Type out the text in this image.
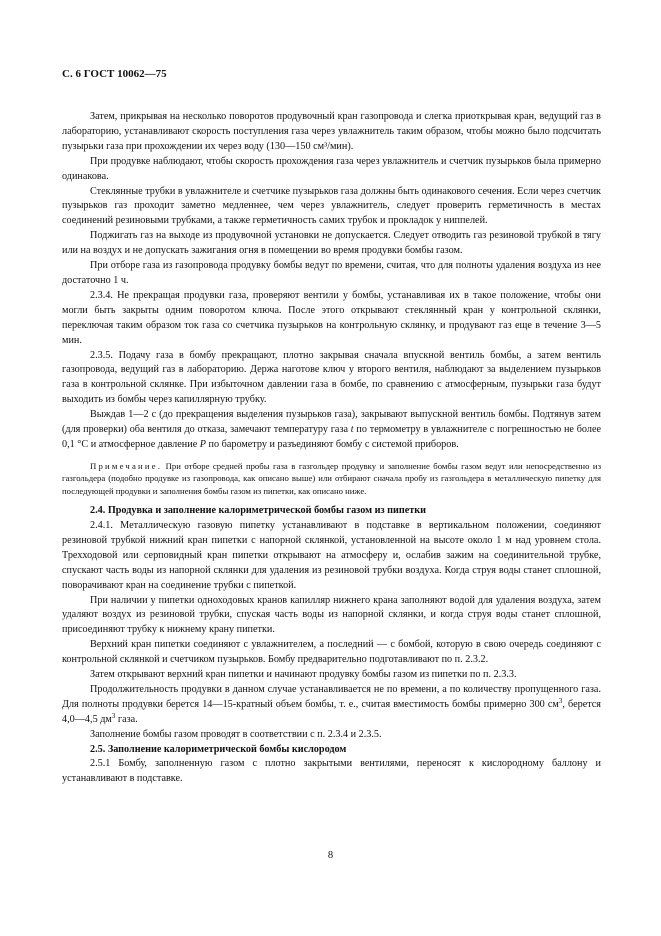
С. 6 ГОСТ 10062—75

Затем, прикрывая на несколько поворотов продувочный кран газопровода и слегка приоткрывая кран, ведущий газ в лабораторию, устанавливают скорость поступления газа через увлажнитель таким образом, чтобы можно было подсчитать пузырьки газа при прохождении их через воду (130—150 см³/мин).

При продувке наблюдают, чтобы скорость прохождения газа через увлажнитель и счетчик пузырьков была примерно одинакова.

Стеклянные трубки в увлажнителе и счетчике пузырьков газа должны быть одинакового сечения. Если через счетчик пузырьков газ проходит заметно медленнее, чем через увлажнитель, следует проверить герметичность в местах соединений резиновыми трубками, а также герметичность самих трубок и прокладок у ниппелей.

Поджигать газ на выходе из продувочной установки не допускается. Следует отводить газ резиновой трубкой в тягу или на воздух и не допускать зажигания огня в помещении во время продувки бомбы газом.

При отборе газа из газопровода продувку бомбы ведут по времени, считая, что для полноты удаления воздуха из нее достаточно 1 ч.

2.3.4. Не прекращая продувки газа, проверяют вентили у бомбы, устанавливая их в такое положение, чтобы они могли быть закрыты одним поворотом ключа. После этого открывают стеклянный кран у контрольной склянки, переключая таким образом ток газа со счетчика пузырьков на контрольную склянку, и продувают газ еще в течение 3—5 мин.

2.3.5. Подачу газа в бомбу прекращают, плотно закрывая сначала впускной вентиль бомбы, а затем вентиль газопровода, ведущий газ в лабораторию. Держа наготове ключ у второго вентиля, наблюдают за выделением пузырьков газа в контрольной склянке. При избыточном давлении газа в бомбе, по сравнению с атмосферным, пузырьки газа будут выходить из бомбы через капиллярную трубку.

Выждав 1—2 с (до прекращения выделения пузырьков газа), закрывают выпускной вентиль бомбы. Подтянув затем (для проверки) оба вентиля до отказа, замечают температуру газа t по термометру в увлажнителе с погрешностью не более 0,1 °С и атмосферное давление P по барометру и разъединяют бомбу с системой приборов.

Примечание. При отборе средней пробы газа в газгольдер продувку и заполнение бомбы газом ведут или непосредственно из газгольдера (подобно продувке из газопровода, как описано выше) или отбирают сначала пробу из газгольдера в металлическую пипетку для последующей продувки и заполнения бомбы газом из пипетки, как описано ниже.

2.4. Продувка и заполнение калориметрической бомбы газом из пипетки

2.4.1. Металлическую газовую пипетку устанавливают в подставке в вертикальном положении, соединяют резиновой трубкой нижний кран пипетки с напорной склянкой, установленной на высоте около 1 м над уровнем стола. Трехходовой или серповидный кран пипетки открывают на атмосферу и, ослабив зажим на соединительной трубке, спускают часть воды из напорной склянки для удаления из резиновой трубки воздуха. Когда струя воды станет сплошной, поворачивают кран на соединение трубки с пипеткой.

При наличии у пипетки одноходовых кранов капилляр нижнего крана заполняют водой для удаления воздуха, затем удаляют воздух из резиновой трубки, спуская часть воды из напорной склянки, и когда струя воды станет сплошной, присоединяют трубку к нижнему крану пипетки.

Верхний кран пипетки соединяют с увлажнителем, а последний — с бомбой, которую в свою очередь соединяют с контрольной склянкой и счетчиком пузырьков. Бомбу предварительно подготавливают по п. 2.3.2.

Затем открывают верхний кран пипетки и начинают продувку бомбы газом из пипетки по п. 2.3.3.

Продолжительность продувки в данном случае устанавливается не по времени, а по количеству пропущенного газа. Для полноты продувки берется 14—15-кратный объем бомбы, т. е., считая вместимость бомбы примерно 300 $см^3$, берется 4,0—4,5 $дм^3$ газа.

Заполнение бомбы газом проводят в соответствии с п. 2.3.4 и 2.3.5.

2.5. Заполнение калориметрической бомбы кислородом

2.5.1 Бомбу, заполненную газом с плотно закрытыми вентилями, переносят к кислородному баллону и устанавливают в подставке.

8
